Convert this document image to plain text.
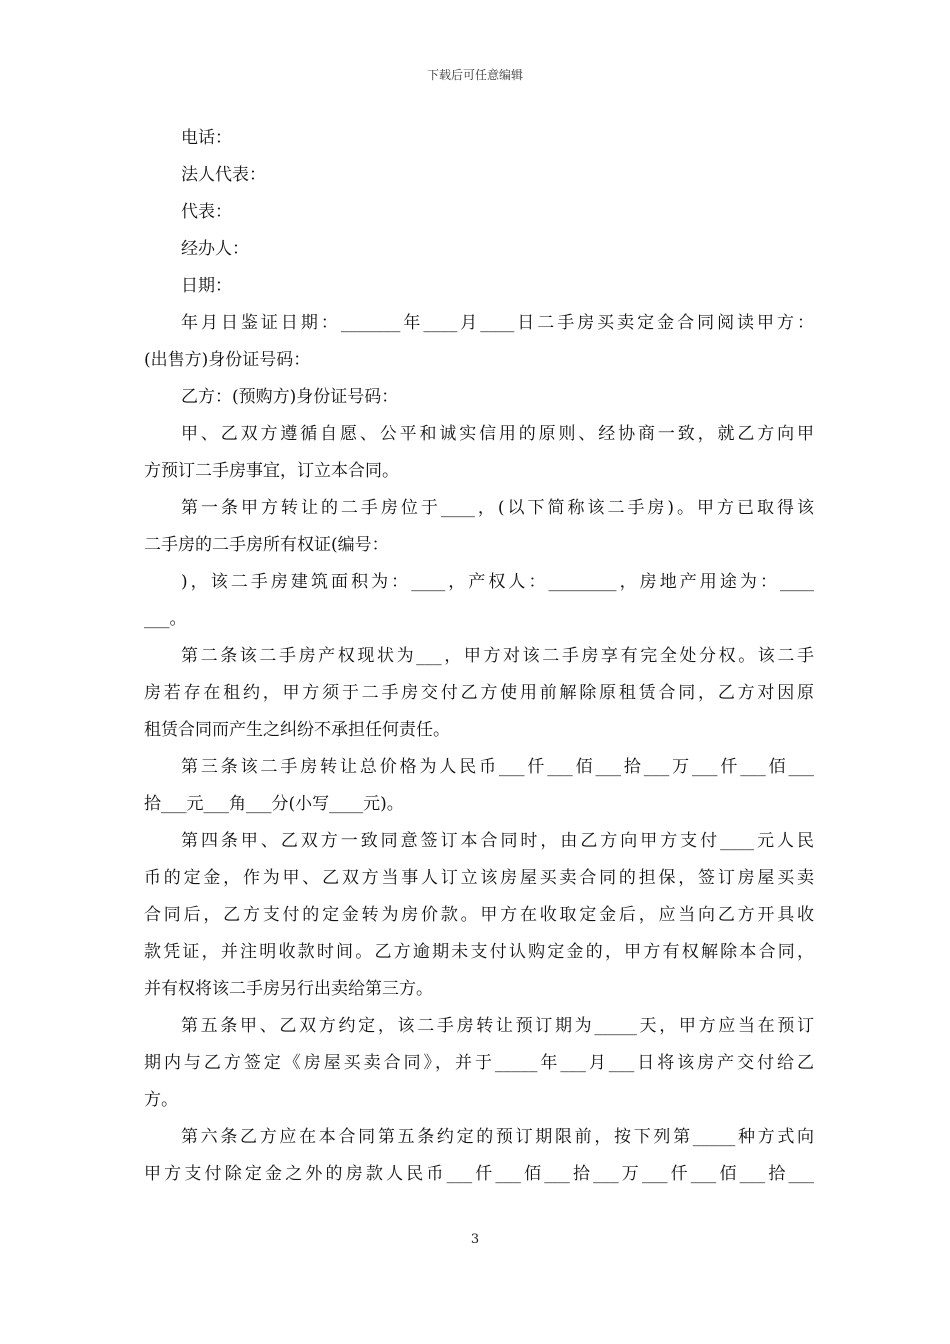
下载后可任意编辑
电话：
法人代表：
代表：
经办人：
日期：
年月日鉴证日期：_______年____月____日二手房买卖定金合同阅读甲方：
(出售方)身份证号码：
乙方：(预购方)身份证号码：
甲、乙双方遵循自愿、公平和诚实信用的原则、经协商一致，就乙方向甲
方预订二手房事宜，订立本合同。
第一条甲方转让的二手房位于____，(以下简称该二手房)。甲方已取得该
二手房的二手房所有权证(编号：
)，该二手房建筑面积为：____，产权人：________，房地产用途为：____
___。
第二条该二手房产权现状为___，甲方对该二手房享有完全处分权。该二手
房若存在租约，甲方须于二手房交付乙方使用前解除原租赁合同，乙方对因原
租赁合同而产生之纠纷不承担任何责任。
第三条该二手房转让总价格为人民币___仟___佰___拾___万___仟___佰___
拾___元___角___分(小写____元)。
第四条甲、乙双方一致同意签订本合同时，由乙方向甲方支付____元人民
币的定金，作为甲、乙双方当事人订立该房屋买卖合同的担保，签订房屋买卖
合同后，乙方支付的定金转为房价款。甲方在收取定金后，应当向乙方开具收
款凭证，并注明收款时间。乙方逾期未支付认购定金的，甲方有权解除本合同，
并有权将该二手房另行出卖给第三方。
第五条甲、乙双方约定，该二手房转让预订期为_____天，甲方应当在预订
期内与乙方签定《房屋买卖合同》，并于_____年___月___日将该房产交付给乙
方。
第六条乙方应在本合同第五条约定的预订期限前，按下列第_____种方式向
甲方支付除定金之外的房款人民币___仟___佰___拾___万___仟___佰___拾___
3
